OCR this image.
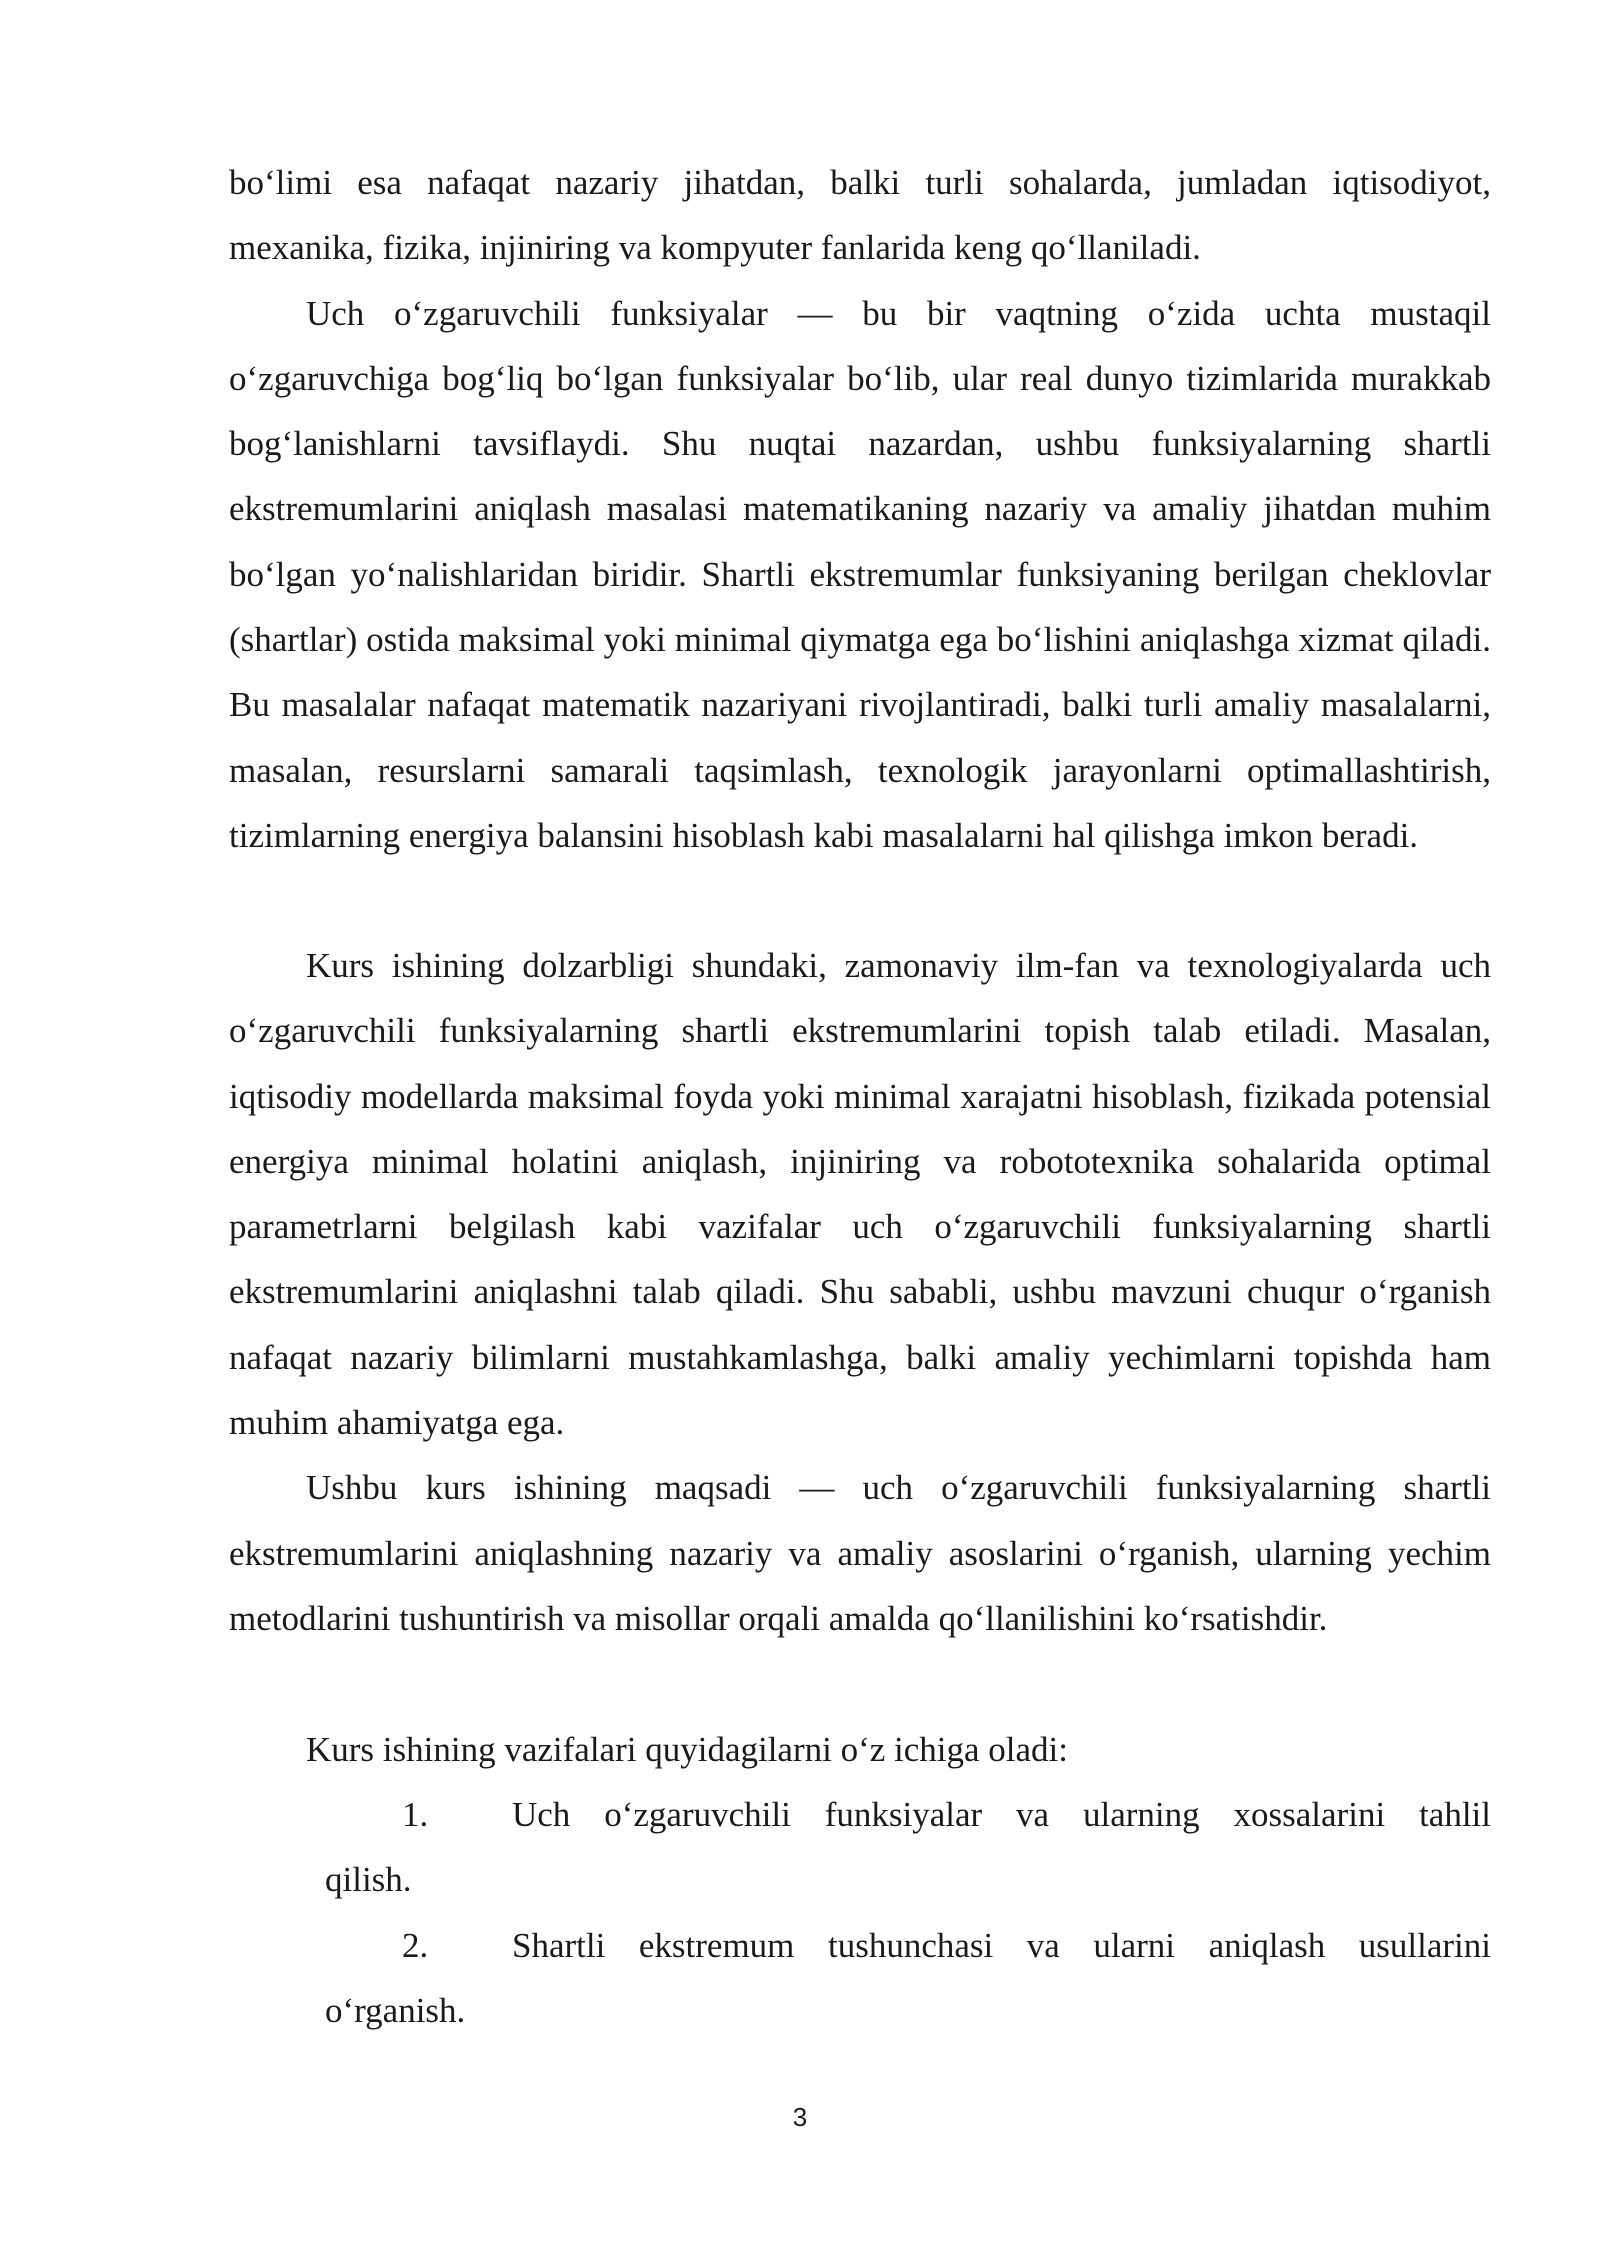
bo‘limi esa nafaqat nazariy jihatdan, balki turli sohalarda, jumladan iqtisodiyot, mexanika, fizika, injiniring va kompyuter fanlarida keng qo‘llaniladi.

Uch o‘zgaruvchili funksiyalar — bu bir vaqtning o‘zida uchta mustaqil o‘zgaruvchiga bog‘liq bo‘lgan funksiyalar bo‘lib, ular real dunyo tizimlarida murakkab bog‘lanishlarni tavsiflaydi. Shu nuqtai nazardan, ushbu funksiyalarning shartli ekstremumlarini aniqlash masalasi matematikaning nazariy va amaliy jihatdan muhim bo‘lgan yo‘nalishlaridan biridir. Shartli ekstremumlar funksiyaning berilgan cheklovlar (shartlar) ostida maksimal yoki minimal qiymatga ega bo‘lishini aniqlashga xizmat qiladi. Bu masalalar nafaqat matematik nazariyani rivojlantiradi, balki turli amaliy masalalarni, masalan, resurslarni samarali taqsimlash, texnologik jarayonlarni optimallashtirish, tizimlarning energiya balansini hisoblash kabi masalalarni hal qilishga imkon beradi.

Kurs ishining dolzarbligi shundaki, zamonaviy ilm-fan va texnologiyalarda uch o‘zgaruvchili funksiyalarning shartli ekstremumlarini topish talab etiladi. Masalan, iqtisodiy modellarda maksimal foyda yoki minimal xarajatni hisoblash, fizikada potensial energiya minimal holatini aniqlash, injiniring va robototexnika sohalarida optimal parametrlarni belgilash kabi vazifalar uch o‘zgaruvchili funksiyalarning shartli ekstremumlarini aniqlashni talab qiladi. Shu sababli, ushbu mavzuni chuqur o‘rganish nafaqat nazariy bilimlarni mustahkamlashga, balki amaliy yechimlarni topishda ham muhim ahamiyatga ega.

Ushbu kurs ishining maqsadi — uch o‘zgaruvchili funksiyalarning shartli ekstremumlarini aniqlashning nazariy va amaliy asoslarini o‘rganish, ularning yechim metodlarini tushuntirish va misollar orqali amalda qo‘llanilishini ko‘rsatishdir.

Kurs ishining vazifalari quyidagilarni o‘z ichiga oladi:

1.	Uch o‘zgaruvchili funksiyalar va ularning xossalarini tahlil
qilish.
2.	Shartli ekstremum tushunchasi va ularni aniqlash usullarini
o‘rganish.
3
